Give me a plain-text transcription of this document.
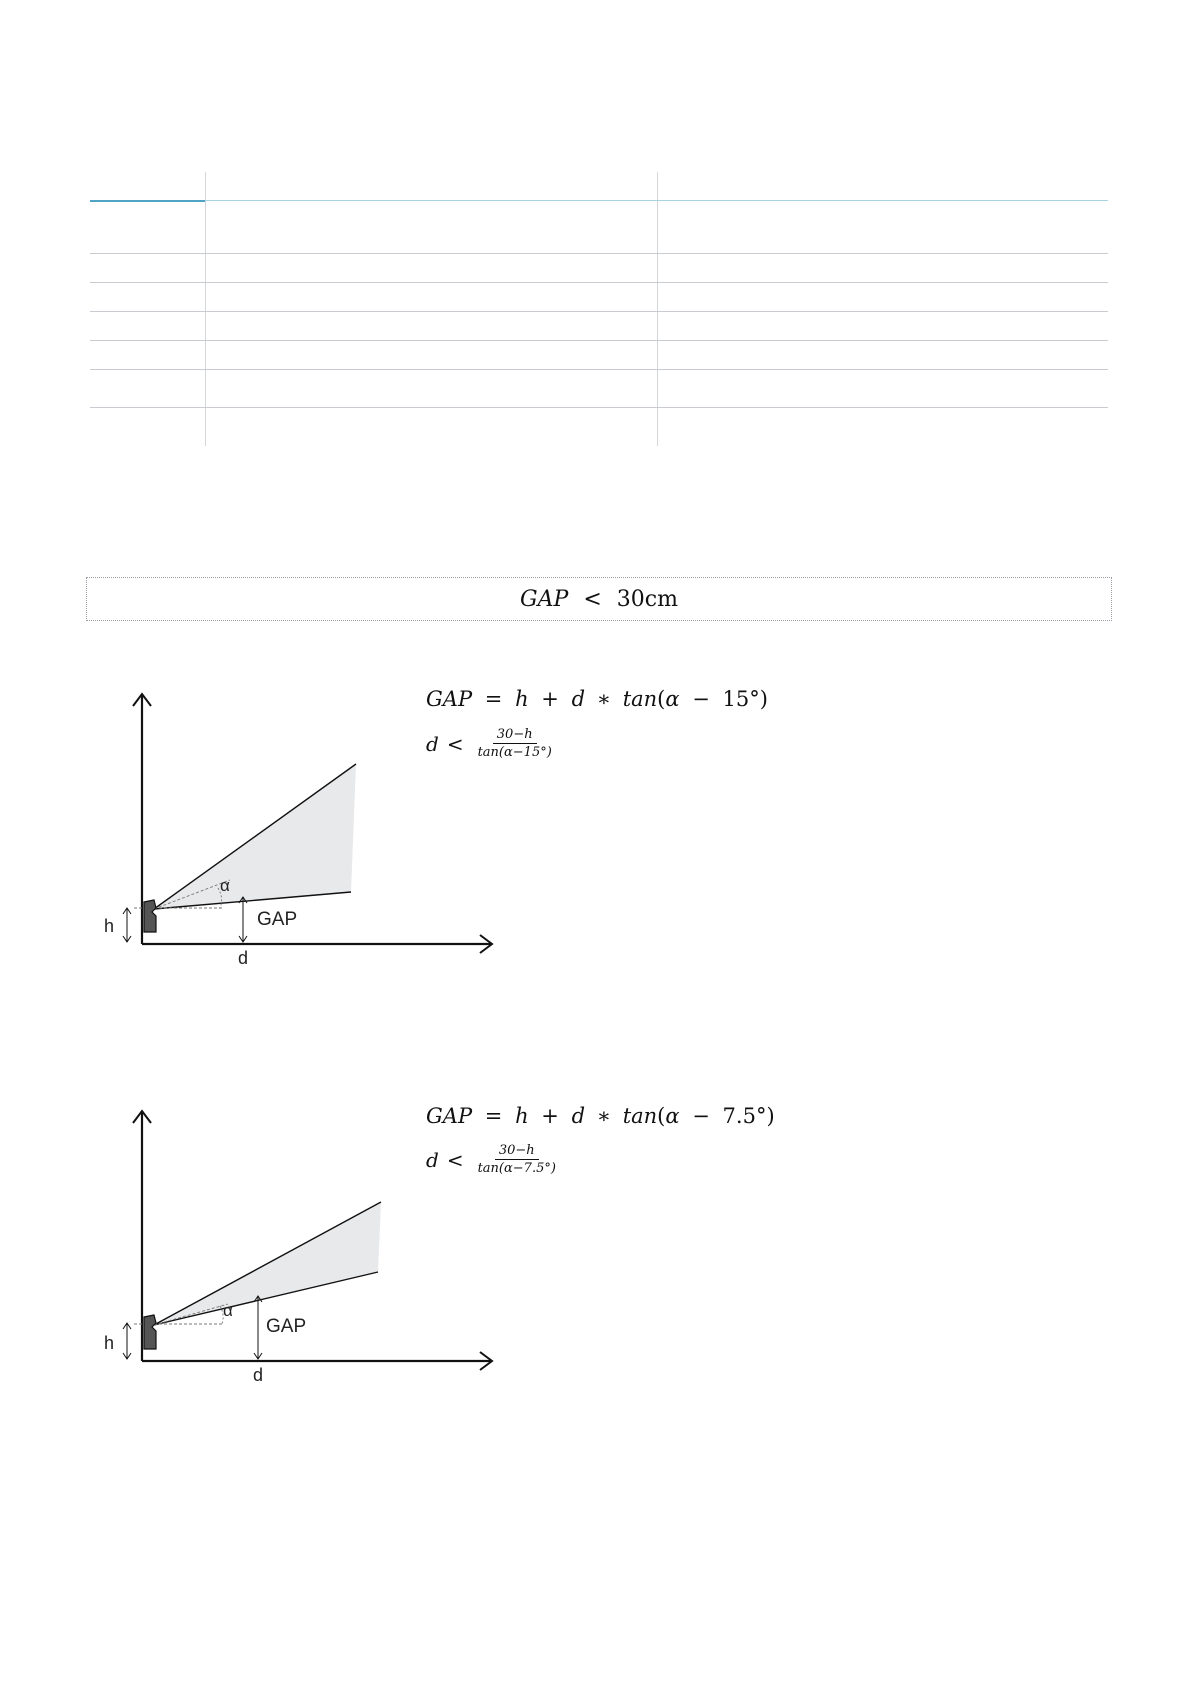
GAP < 30cm
GAP = h + d ∗ tan(α − 15°)
$d < \frac{30-h}{\tan(\alpha-15^\circ)}$
α
GAP
h
d
GAP = h + d ∗ tan(α − 7.5°)
$d < \frac{30-h}{\tan(\alpha-7.5^\circ)}$
α
GAP
h
d
